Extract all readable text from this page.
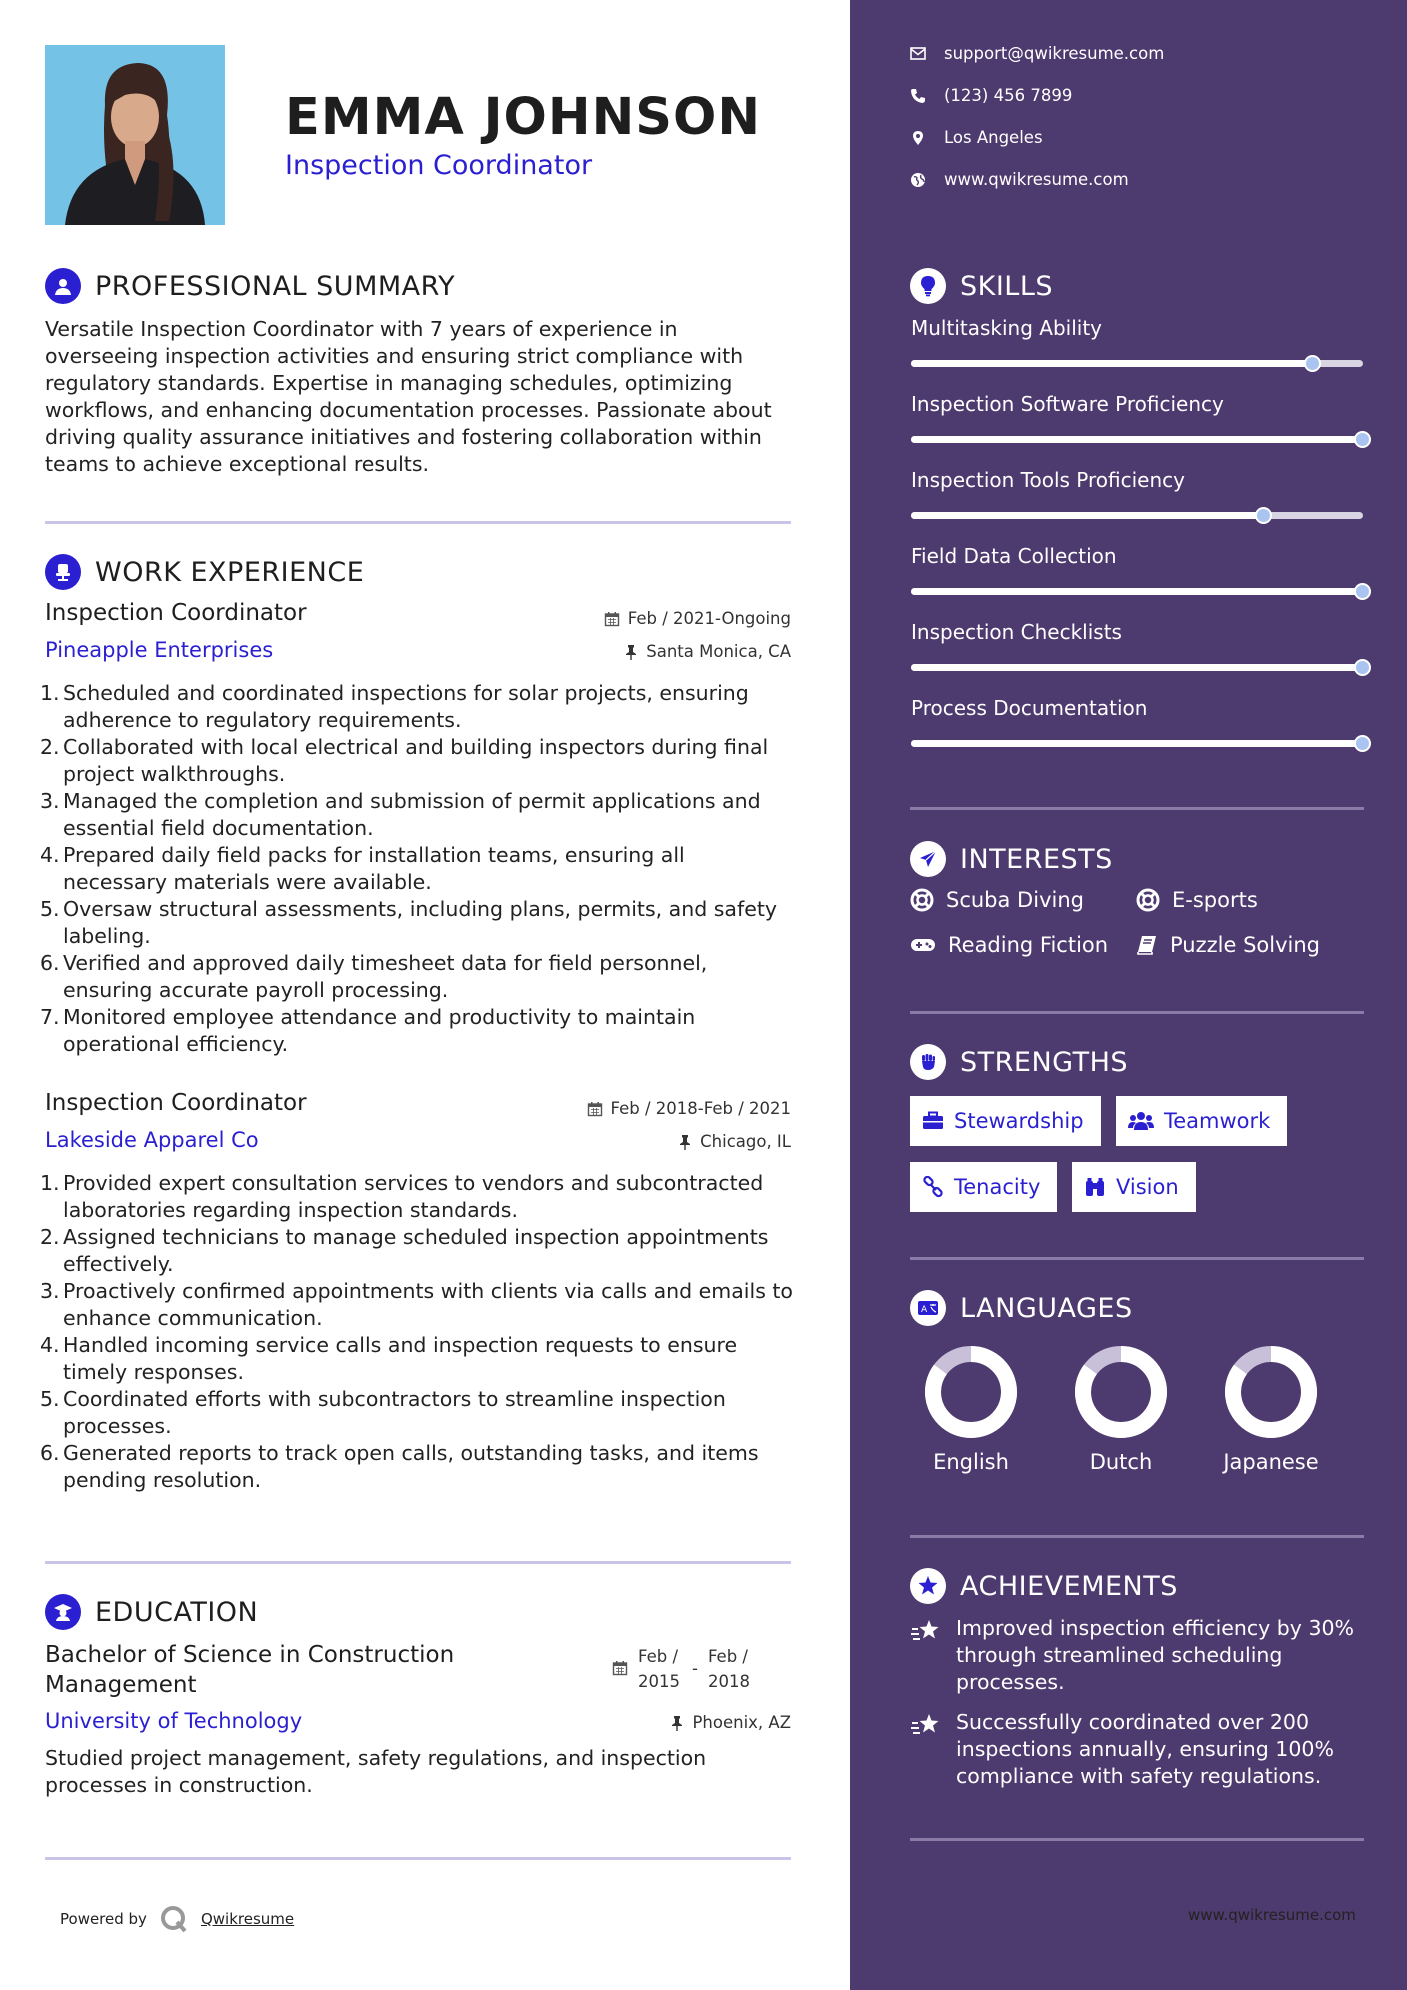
EMMA JOHNSON
Inspection Coordinator
PROFESSIONAL SUMMARY
Versatile Inspection Coordinator with 7 years of experience in overseeing inspection activities and ensuring strict compliance with regulatory standards. Expertise in managing schedules, optimizing workflows, and enhancing documentation processes. Passionate about driving quality assurance initiatives and fostering collaboration within teams to achieve exceptional results.
WORK EXPERIENCE
Inspection Coordinator	Feb / 2021-Ongoing
Pineapple Enterprises	Santa Monica, CA
1. Scheduled and coordinated inspections for solar projects, ensuring adherence to regulatory requirements.
2. Collaborated with local electrical and building inspectors during final project walkthroughs.
3. Managed the completion and submission of permit applications and essential field documentation.
4. Prepared daily field packs for installation teams, ensuring all necessary materials were available.
5. Oversaw structural assessments, including plans, permits, and safety labeling.
6. Verified and approved daily timesheet data for field personnel, ensuring accurate payroll processing.
7. Monitored employee attendance and productivity to maintain operational efficiency.
Inspection Coordinator	Feb / 2018-Feb / 2021
Lakeside Apparel Co	Chicago, IL
1. Provided expert consultation services to vendors and subcontracted laboratories regarding inspection standards.
2. Assigned technicians to manage scheduled inspection appointments effectively.
3. Proactively confirmed appointments with clients via calls and emails to enhance communication.
4. Handled incoming service calls and inspection requests to ensure timely responses.
5. Coordinated efforts with subcontractors to streamline inspection processes.
6. Generated reports to track open calls, outstanding tasks, and items pending resolution.
EDUCATION
Bachelor of Science in Construction Management
Feb / 2015
-
Feb / 2018
University of Technology	Phoenix, AZ
Studied project management, safety regulations, and inspection processes in construction.
Powered by	Qwikresume
support@qwikresume.com
(123) 456 7899
Los Angeles
www.qwikresume.com
SKILLS
Multitasking Ability
Inspection Software Proficiency
Inspection Tools Proficiency
Field Data Collection
Inspection Checklists
Process Documentation
INTERESTS
Scuba Diving	E-sports
Reading Fiction	Puzzle Solving
STRENGTHS
Stewardship	Teamwork
Tenacity	Vision
A LANGUAGES
English	Dutch	Japanese
ACHIEVEMENTS
Improved inspection efficiency by 30% through streamlined scheduling processes.
Successfully coordinated over 200 inspections annually, ensuring 100% compliance with safety regulations.
www.qwikresume.com
